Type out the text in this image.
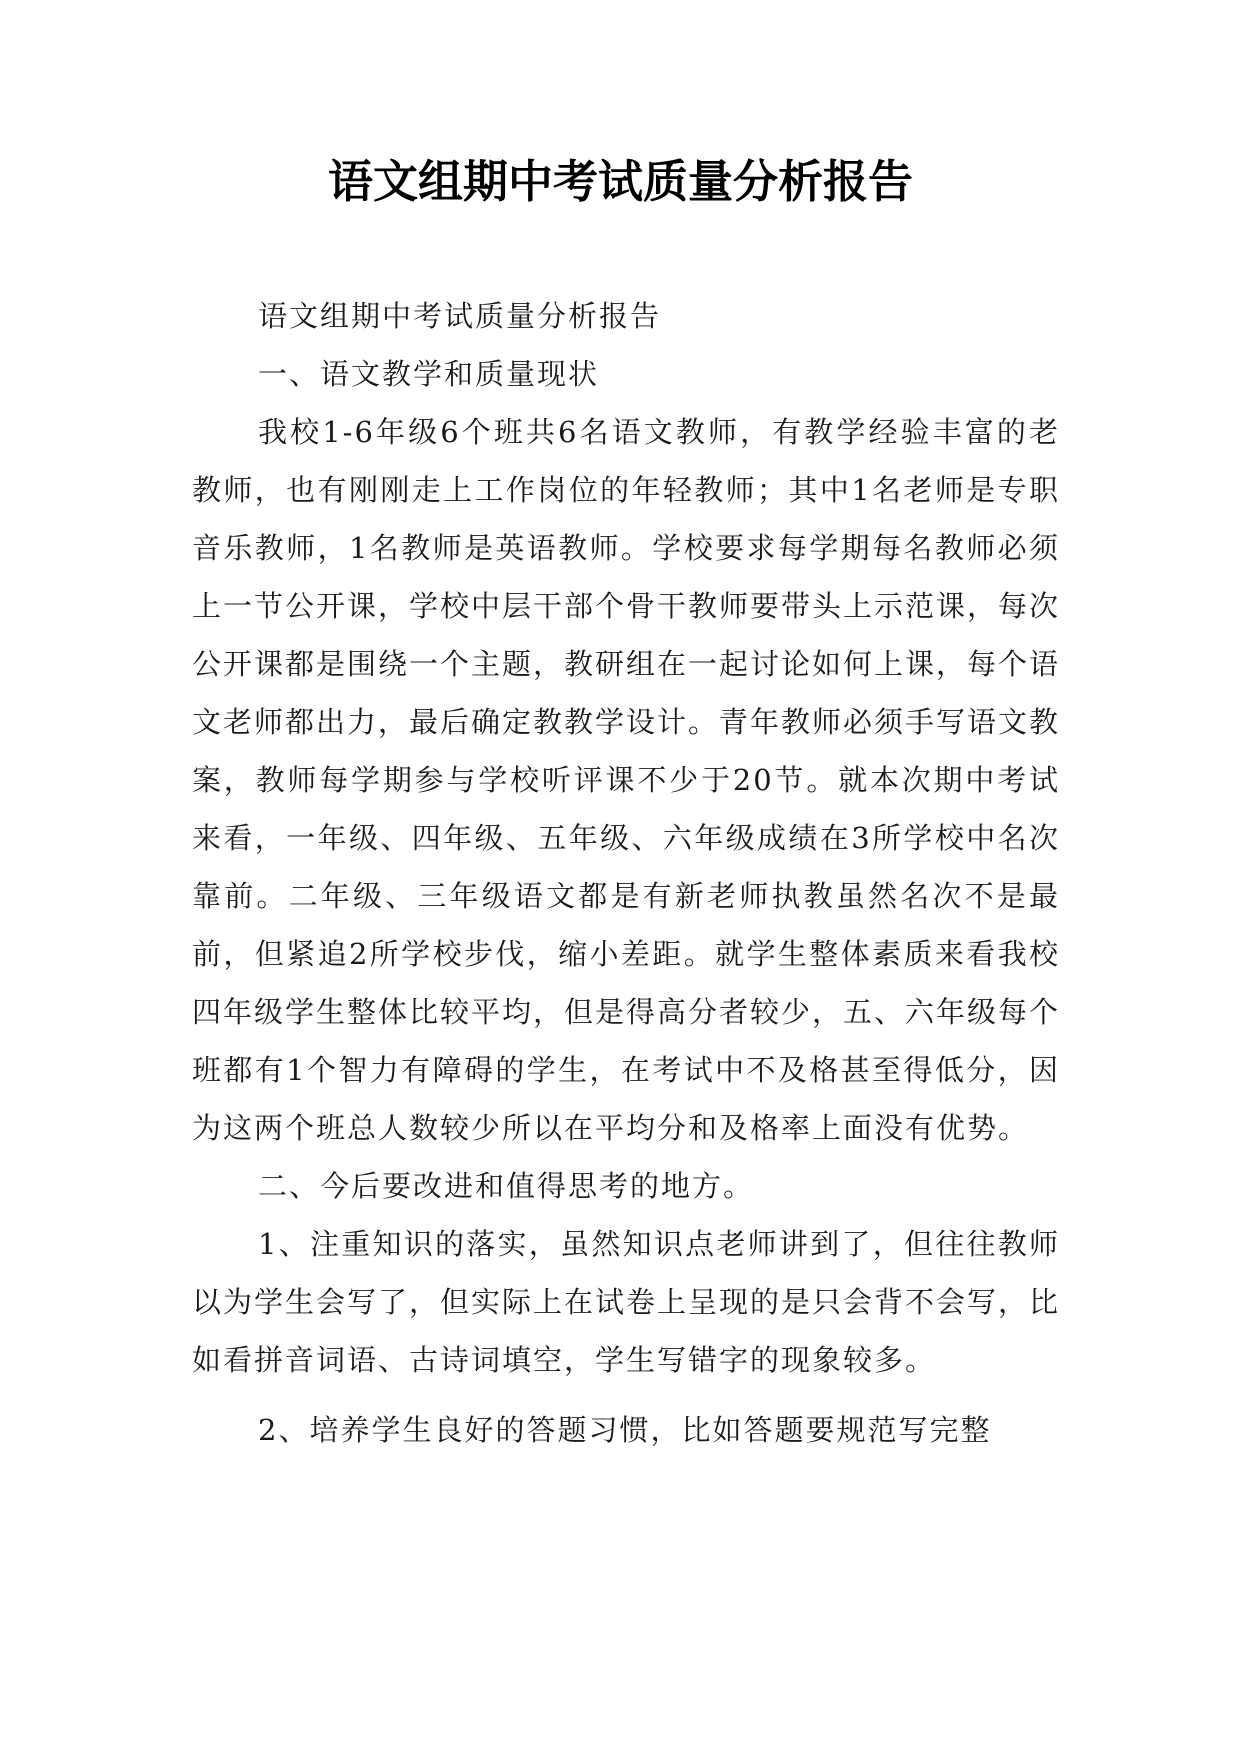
语文组期中考试质量分析报告

语文组期中考试质量分析报告

一、语文教学和质量现状

我校1-6年级6个班共6名语文教师，有教学经验丰富的老教师，也有刚刚走上工作岗位的年轻教师；其中1名老师是专职音乐教师，1名教师是英语教师。学校要求每学期每名教师必须上一节公开课，学校中层干部个骨干教师要带头上示范课，每次公开课都是围绕一个主题，教研组在一起讨论如何上课，每个语文老师都出力，最后确定教教学设计。青年教师必须手写语文教案，教师每学期参与学校听评课不少于20节。就本次期中考试来看，一年级、四年级、五年级、六年级成绩在3所学校中名次靠前。二年级、三年级语文都是有新老师执教虽然名次不是最前，但紧追2所学校步伐，缩小差距。就学生整体素质来看我校四年级学生整体比较平均，但是得高分者较少，五、六年级每个班都有1个智力有障碍的学生，在考试中不及格甚至得低分，因为这两个班总人数较少所以在平均分和及格率上面没有优势。

二、今后要改进和值得思考的地方。

1、注重知识的落实，虽然知识点老师讲到了，但往往教师以为学生会写了，但实际上在试卷上呈现的是只会背不会写，比如看拼音词语、古诗词填空，学生写错字的现象较多。

2、培养学生良好的答题习惯，比如答题要规范写完整
